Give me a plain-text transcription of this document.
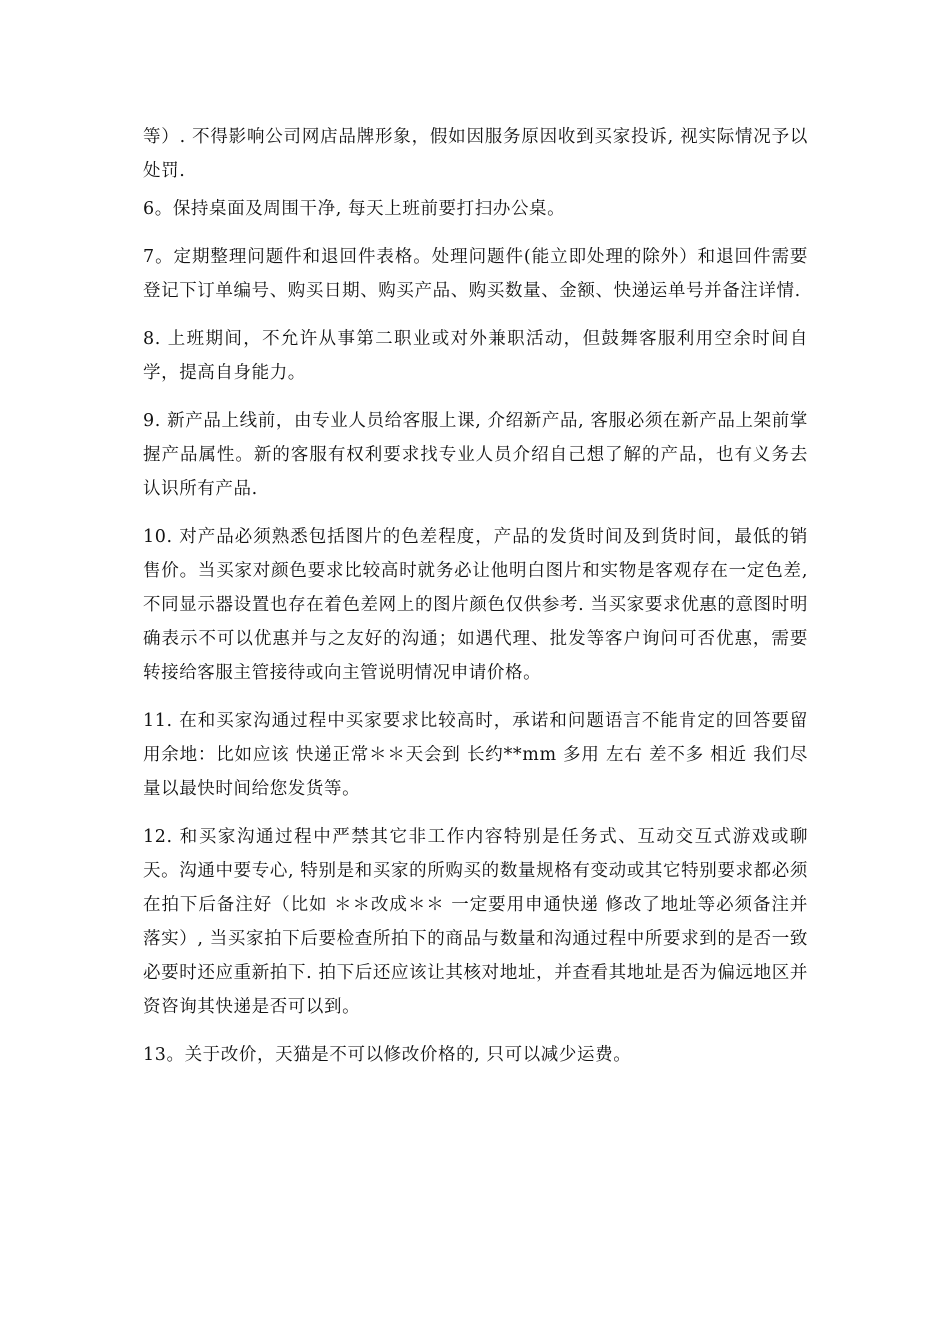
等）. 不得影响公司网店品牌形象，假如因服务原因收到买家投诉, 视实际情况予以处罚.

6。保持桌面及周围干净, 每天上班前要打扫办公桌。

7。定期整理问题件和退回件表格。处理问题件(能立即处理的除外）和退回件需要登记下订单编号、购买日期、购买产品、购买数量、金额、快递运单号并备注详情.

8. 上班期间，不允许从事第二职业或对外兼职活动，但鼓舞客服利用空余时间自学，提高自身能力。

9. 新产品上线前，由专业人员给客服上课, 介绍新产品, 客服必须在新产品上架前掌握产品属性。新的客服有权利要求找专业人员介绍自己想了解的产品，也有义务去认识所有产品.

10. 对产品必须熟悉包括图片的色差程度，产品的发货时间及到货时间，最低的销售价。当买家对颜色要求比较高时就务必让他明白图片和实物是客观存在一定色差, 不同显示器设置也存在着色差网上的图片颜色仅供参考. 当买家要求优惠的意图时明确表示不可以优惠并与之友好的沟通；如遇代理、批发等客户询问可否优惠，需要转接给客服主管接待或向主管说明情况申请价格。

11. 在和买家沟通过程中买家要求比较高时，承诺和问题语言不能肯定的回答要留用余地：比如应该 快递正常＊＊天会到 长约**mm 多用 左右 差不多 相近 我们尽量以最快时间给您发货等。

12. 和买家沟通过程中严禁其它非工作内容特别是任务式、互动交互式游戏或聊天。沟通中要专心, 特别是和买家的所购买的数量规格有变动或其它特别要求都必须在拍下后备注好（比如 ＊＊改成＊＊ 一定要用申通快递 修改了地址等必须备注并落实）, 当买家拍下后要检查所拍下的商品与数量和沟通过程中所要求到的是否一致必要时还应重新拍下. 拍下后还应该让其核对地址，并查看其地址是否为偏远地区并资咨询其快递是否可以到。

13。关于改价，天猫是不可以修改价格的, 只可以减少运费。
